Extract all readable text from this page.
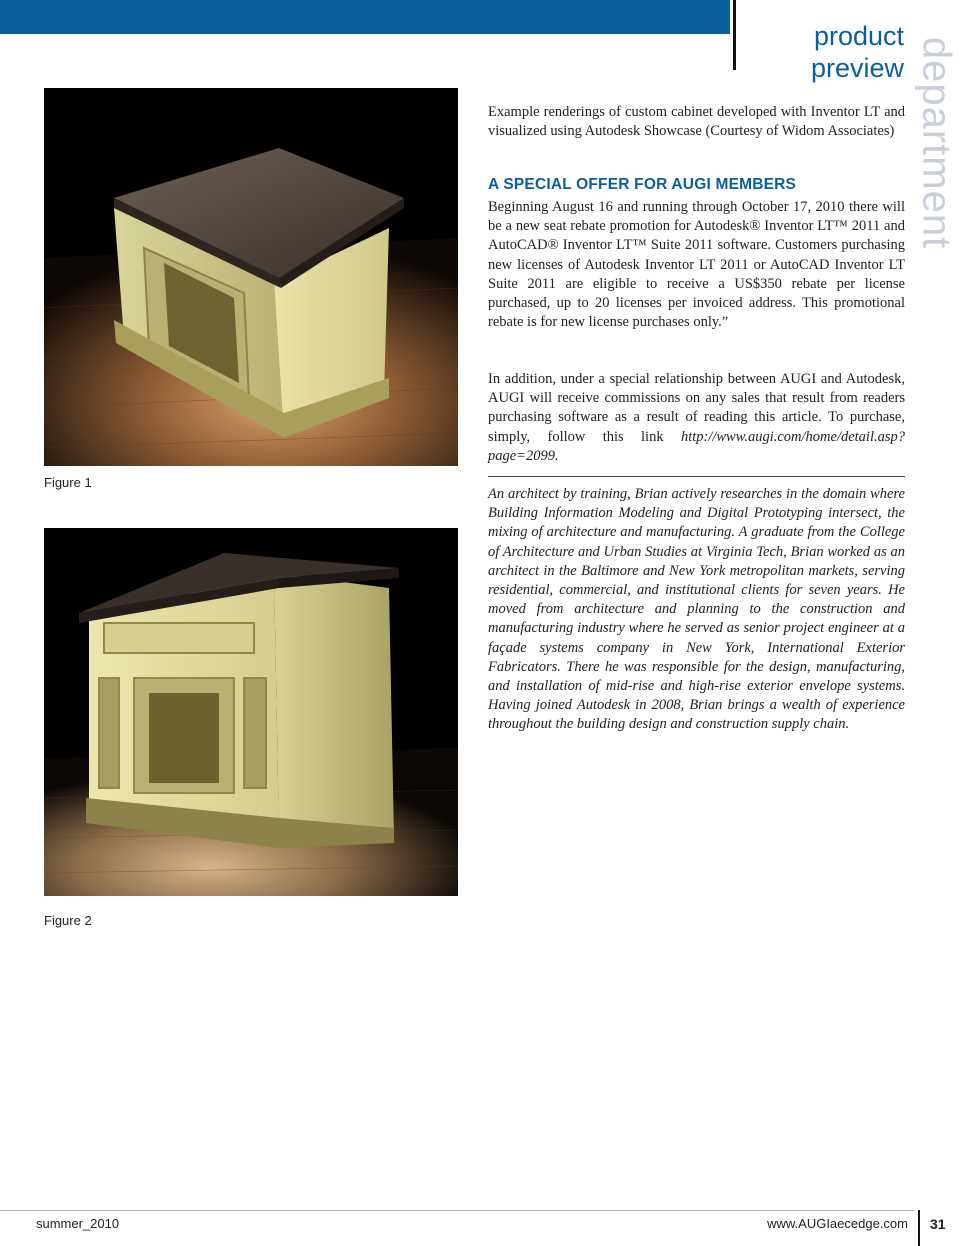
product
preview department
Figure 1
Figure 2
Example renderings of custom cabinet developed with Inventor LT and visualized using Autodesk Showcase (Courtesy of Widom Associates)
A SPECIAL OFFER FOR AUGI MEMBERS
Beginning August 16 and running through October 17, 2010 there will be a new seat rebate promotion for Autodesk® Inventor LT™ 2011 and AutoCAD® Inventor LT™ Suite 2011 software. Customers purchasing new licenses of Autodesk Inventor LT 2011 or AutoCAD Inventor LT Suite 2011 are eligible to receive a US$350 rebate per license purchased, up to 20 licenses per invoiced address. This promotional rebate is for new license purchases only.”
In addition, under a special relationship between AUGI and Autodesk, AUGI will receive commissions on any sales that result from readers purchasing software as a result of reading this article. To purchase, simply, follow this link http://www.augi.com/home/detail.asp?page=2099.
An architect by training, Brian actively researches in the domain where Building Information Modeling and Digital Prototyping intersect, the mixing of architecture and manufacturing. A graduate from the College of Architecture and Urban Studies at Virginia Tech, Brian worked as an architect in the Baltimore and New York metropolitan markets, serving residential, commercial, and institutional clients for seven years. He moved from architecture and planning to the construction and manufacturing industry where he served as senior project engineer at a façade systems company in New York, International Exterior Fabricators. There he was responsible for the design, manufacturing, and installation of mid-rise and high-rise exterior envelope systems. Having joined Autodesk in 2008, Brian brings a wealth of experience throughout the building design and construction supply chain.
summer_2010	www.AUGIaecedge.com 31
